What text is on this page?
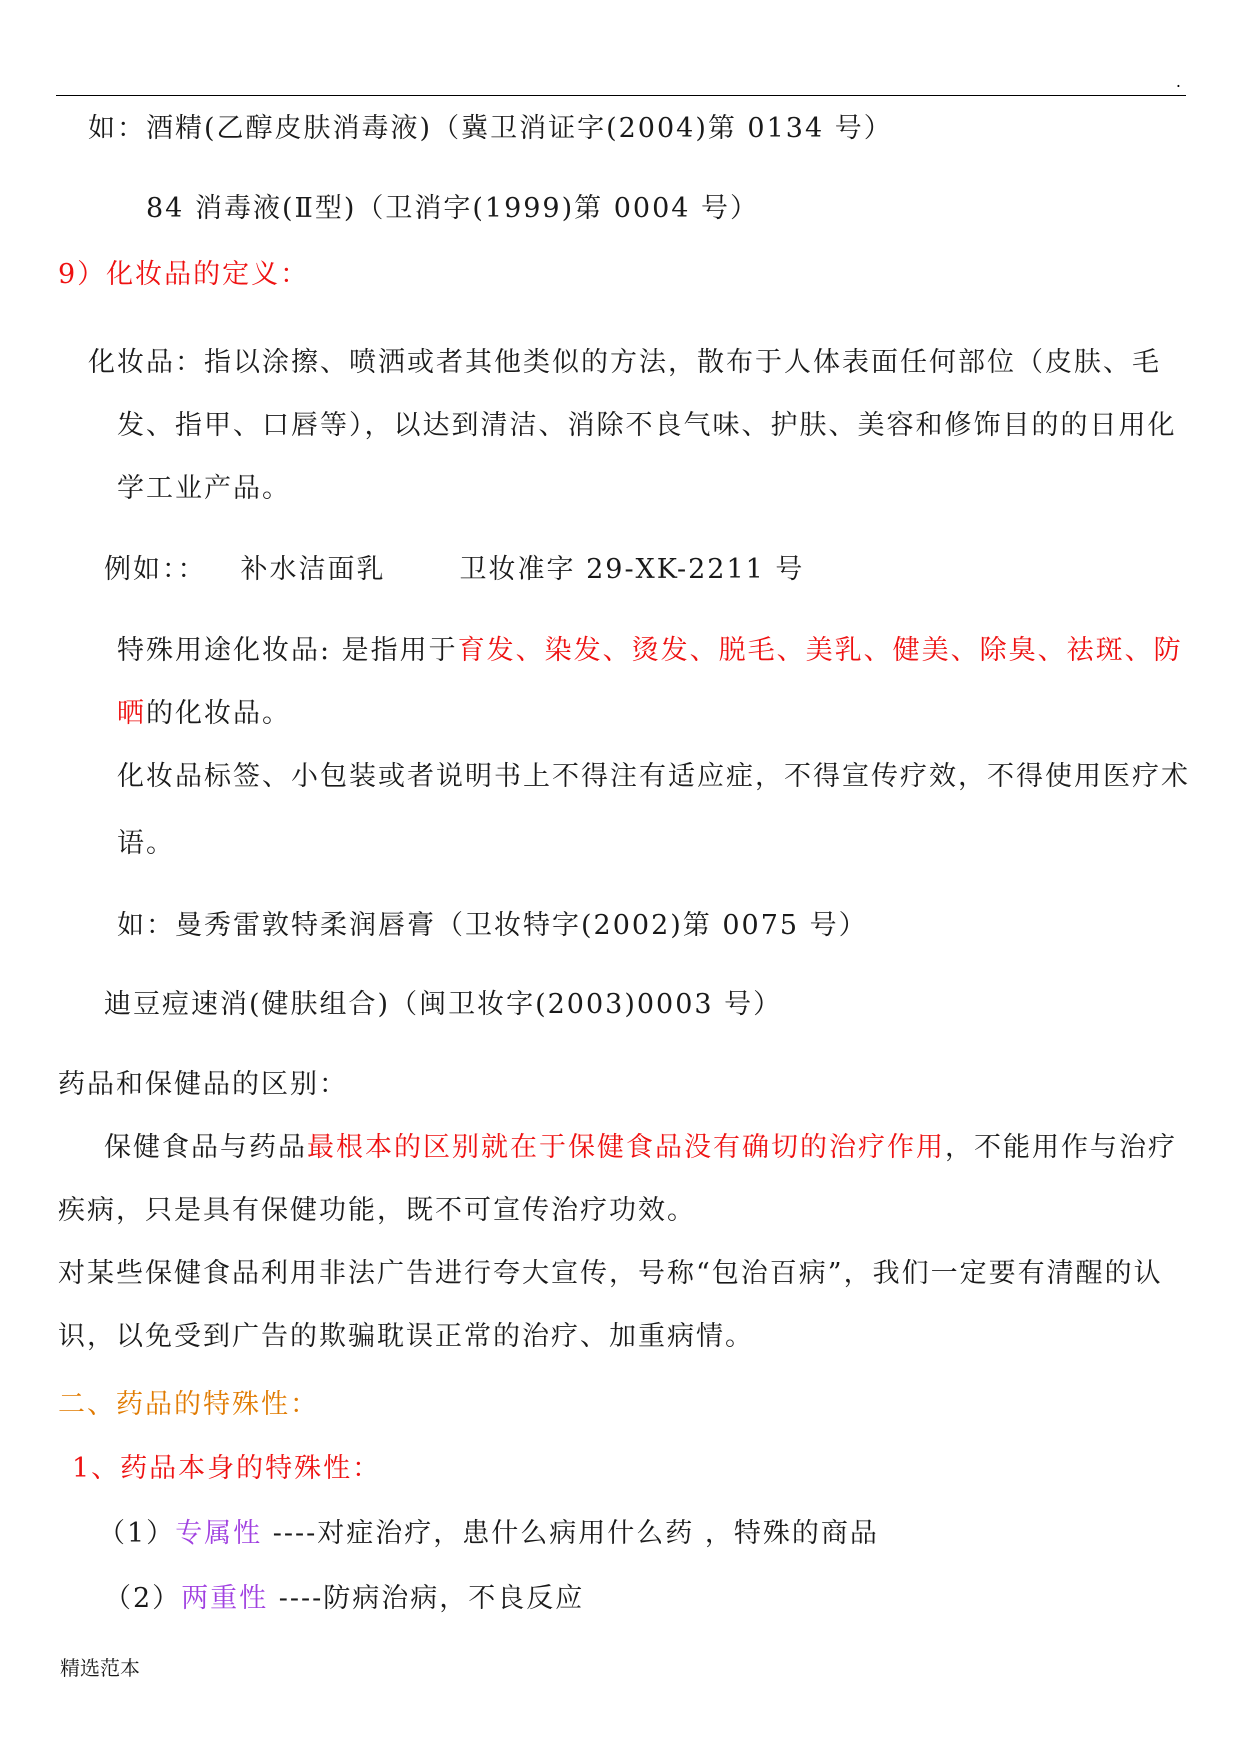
.
如：酒精(乙醇皮肤消毒液)（冀卫消证字(2004)第 0134 号）
84 消毒液(Ⅱ型)（卫消字(1999)第 0004 号）
9）化妆品的定义：
化妆品：指以涂擦、喷洒或者其他类似的方法，散布于人体表面任何部位（皮肤、毛
发、指甲、口唇等），以达到清洁、消除不良气味、护肤、美容和修饰目的的日用化
学工业产品。
例如：： 补水洁面乳	卫妆准字 29-XK-2211 号
特殊用途化妆品: 是指用于育发、染发、烫发、脱毛、美乳、健美、除臭、祛斑、防
晒的化妆品。
化妆品标签、小包装或者说明书上不得注有适应症，不得宣传疗效，不得使用医疗术
语。
如：曼秀雷敦特柔润唇膏（卫妆特字(2002)第 0075 号）
迪豆痘速消(健肤组合)（闽卫妆字(2003)0003 号）
药品和保健品的区别：
保健食品与药品最根本的区别就在于保健食品没有确切的治疗作用，不能用作与治疗
疾病，只是具有保健功能，既不可宣传治疗功效。
对某些保健食品利用非法广告进行夸大宣传，号称“包治百病”，我们一定要有清醒的认
识，以免受到广告的欺骗耽误正常的治疗、加重病情。
二、药品的特殊性：
1、药品本身的特殊性：
（1）专属性 ----对症治疗，患什么病用什么药 ，特殊的商品
（2）两重性 ----防病治病，不良反应
精选范本
